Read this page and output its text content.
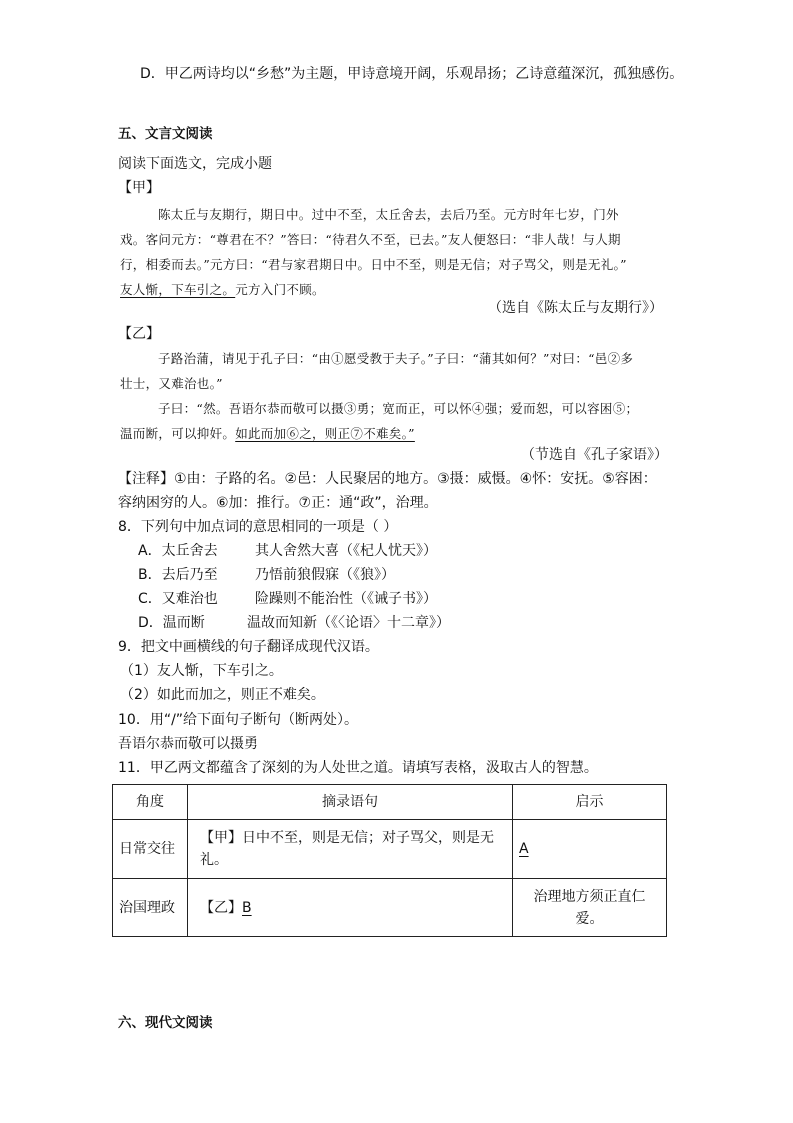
D．甲乙两诗均以“乡愁”为主题，甲诗意境开阔，乐观昂扬；乙诗意蕴深沉，孤独感伤。
五、文言文阅读
阅读下面选文，完成小题
【甲】
陈太丘与友期行，期日中。过中不至，太丘舍去，去后乃至。元方时年七岁，门外
戏。客问元方：“尊君在不？”答曰：“待君久不至，已去。”友人便怒曰：“非人哉！与人期
行，相委而去。”元方曰：“君与家君期日中。日中不至，则是无信；对子骂父，则是无礼。”
友人惭，下车引之。元方入门不顾。
（选自《陈太丘与友期行》）
【乙】
子路治蒲，请见于孔子曰：“由①愿受教于夫子。”子曰：“蒲其如何？”对曰：“邑②多
壮士，又难治也。”
子曰：“然。吾语尔恭而敬可以摄③勇；宽而正，可以怀④强；爱而恕，可以容困⑤；
温而断，可以抑奸。如此而加⑥之，则正⑦不难矣。”
（节选自《孔子家语》）
【注释】①由：子路的名。②邑：人民聚居的地方。③摄：威慑。④怀：安抚。⑤容困：
容纳困穷的人。⑥加：推行。⑦正：通“政”，治理。
8．下列句中加点词的意思相同的一项是（ ）
A．太丘舍去	其人舍然大喜（《杞人忧天》）
B．去后乃至	乃悟前狼假寐（《狼》）
C．又难治也	险躁则不能治性（《诫子书》）
D．温而断	温故而知新（《〈论语〉十二章》）
9．把文中画横线的句子翻译成现代汉语。
（1）友人惭，下车引之。
（2）如此而加之，则正不难矣。
10．用“/”给下面句子断句（断两处）。
吾语尔恭而敬可以摄勇
11．甲乙两文都蕴含了深刻的为人处世之道。请填写表格，汲取古人的智慧。
角度	摘录语句	启示
日常交往	【甲】日中不至，则是无信；对子骂父，则是无
礼。	A
治国理政	【乙】B	治理地方须正直仁
爱。
六、现代文阅读
